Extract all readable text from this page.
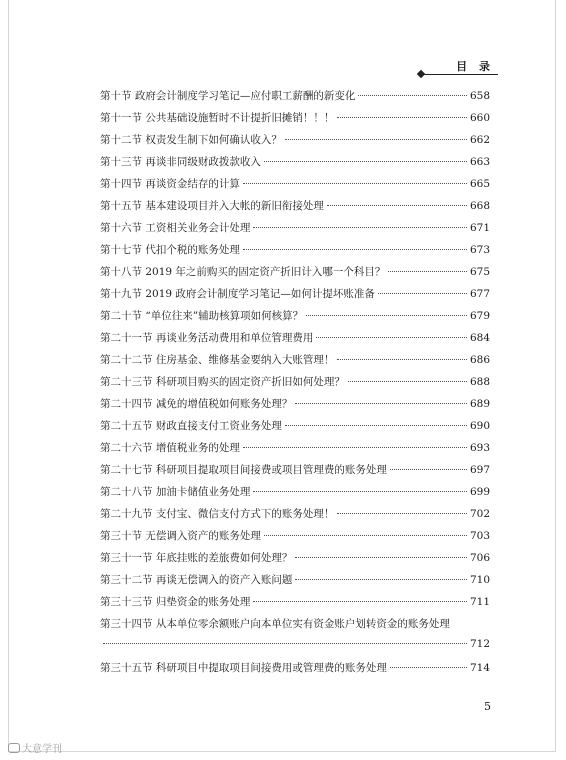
目 录
第十节 政府会计制度学习笔记—应付职工薪酬的新变化	658
第十一节 公共基础设施暂时不计提折旧摊销！！！	660
第十二节 权责发生制下如何确认收入？	662
第十三节 再谈非同级财政拨款收入	663
第十四节 再谈资金结存的计算	665
第十五节 基本建设项目并入大帐的新旧衔接处理	668
第十六节 工资相关业务会计处理	671
第十七节 代扣个税的账务处理	673
第十八节 2019 年之前购买的固定资产折旧计入哪一个科目？	675
第十九节 2019 政府会计制度学习笔记—如何计提坏账准备	677
第二十节 “单位往来”辅助核算项如何核算？	679
第二十一节 再谈业务活动费用和单位管理费用	684
第二十二节 住房基金、维修基金要纳入大账管理！	686
第二十三节 科研项目购买的固定资产折旧如何处理？	688
第二十四节 减免的增值税如何账务处理？	689
第二十五节 财政直接支付工资业务处理	690
第二十六节 增值税业务的处理	693
第二十七节 科研项目提取项目间接费或项目管理费的账务处理	697
第二十八节 加油卡储值业务处理	699
第二十九节 支付宝、微信支付方式下的账务处理！	702
第三十节 无偿调入资产的账务处理	703
第三十一节 年底挂账的差旅费如何处理？	706
第三十二节 再谈无偿调入的资产入账问题	710
第三十三节 归垫资金的账务处理	711
第三十四节 从本单位零余额账户向本单位实有资金账户划转资金的账务处理
712
第三十五节 科研项目中提取项目间接费用或管理费的账务处理	714
5
大意学刊
